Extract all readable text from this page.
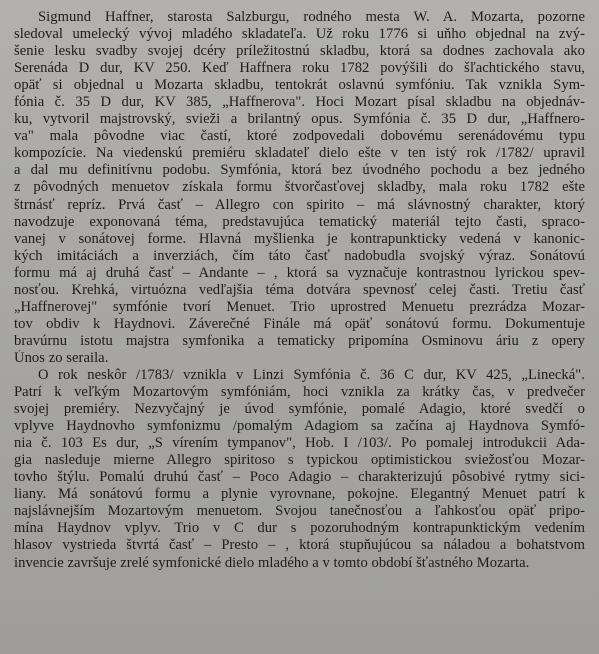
Sigmund Haffner, starosta Salzburgu, rodného mesta W. A. Mozarta, pozorne
sledoval umelecký vývoj mladého skladateľa. Už roku 1776 si uňho objednal na zvý-
šenie lesku svadby svojej dcéry príležitostnú skladbu, ktorá sa dodnes zachovala ako
Serenáda D dur, KV 250. Keď Haffnera roku 1782 povýšili do šľachtického stavu,
opäť si objednal u Mozarta skladbu, tentokrát oslavnú symfóniu. Tak vznikla Sym-
fónia č. 35 D dur, KV 385, „Haffnerova". Hoci Mozart písal skladbu na objednáv-
ku, vytvoril majstrovský, svieži a brilantný opus. Symfónia č. 35 D dur, „Haffnero-
va" mala pôvodne viac častí, ktoré zodpovedali dobovému serenádovému typu
kompozície. Na viedenskú premiéru skladateľ dielo ešte v ten istý rok /1782/ upravil
a dal mu definitívnu podobu. Symfónia, ktorá bez úvodného pochodu a bez jedného
z pôvodných menuetov získala formu štvorčasťovej skladby, mala roku 1782 ešte
štrnásť repríz. Prvá časť – Allegro con spirito – má slávnostný charakter, ktorý
navodzuje exponovaná téma, predstavujúca tematický materiál tejto časti, spraco-
vanej v sonátovej forme. Hlavná myšlienka je kontrapunkticky vedená v kanonic-
kých imitáciách a inverziách, čím táto časť nadobudla svojský výraz. Sonátovú
formu má aj druhá časť – Andante – , ktorá sa vyznačuje kontrastnou lyrickou spev-
nosťou. Krehká, virtuózna vedľajšia téma dotvára spevnosť celej časti. Tretiu časť
„Haffnerovej" symfónie tvorí Menuet. Trio uprostred Menuetu prezrádza Mozar-
tov obdiv k Haydnovi. Záverečné Finále má opäť sonátovú formu. Dokumentuje
bravúrnu istotu majstra symfonika a tematicky pripomína Osminovu áriu z opery
Únos zo seraila.

O rok neskôr /1783/ vznikla v Linzi Symfónia č. 36 C dur, KV 425, „Linecká".
Patrí k veľkým Mozartovým symfóniám, hoci vznikla za krátky čas, v predvečer
svojej premiéry. Nezvyčajný je úvod symfónie, pomalé Adagio, ktoré svedčí o
vplyve Haydnovho symfonizmu /pomalým Adagiom sa začína aj Haydnova Symfó-
nia č. 103 Es dur, „S vírením tympanov", Hob. I /103/. Po pomalej introdukcii Ada-
gia nasleduje mierne Allegro spiritoso s typickou optimistickou sviežosťou Mozar-
tovho štýlu. Pomalú druhú časť – Poco Adagio – charakterizujú pôsobivé rytmy sici-
liany. Má sonátovú formu a plynie vyrovnane, pokojne. Elegantný Menuet patrí k
najslávnejším Mozartovým menuetom. Svojou tanečnosťou a ľahkosťou opäť pripo-
mína Haydnov vplyv. Trio v C dur s pozoruhodným kontrapunktickým vedením
hlasov vystrieda štvrtá časť – Presto – , ktorá stupňujúcou sa náladou a bohatstvom
invencie završuje zrelé symfonické dielo mladého a v tomto období šťastného Mozarta.
